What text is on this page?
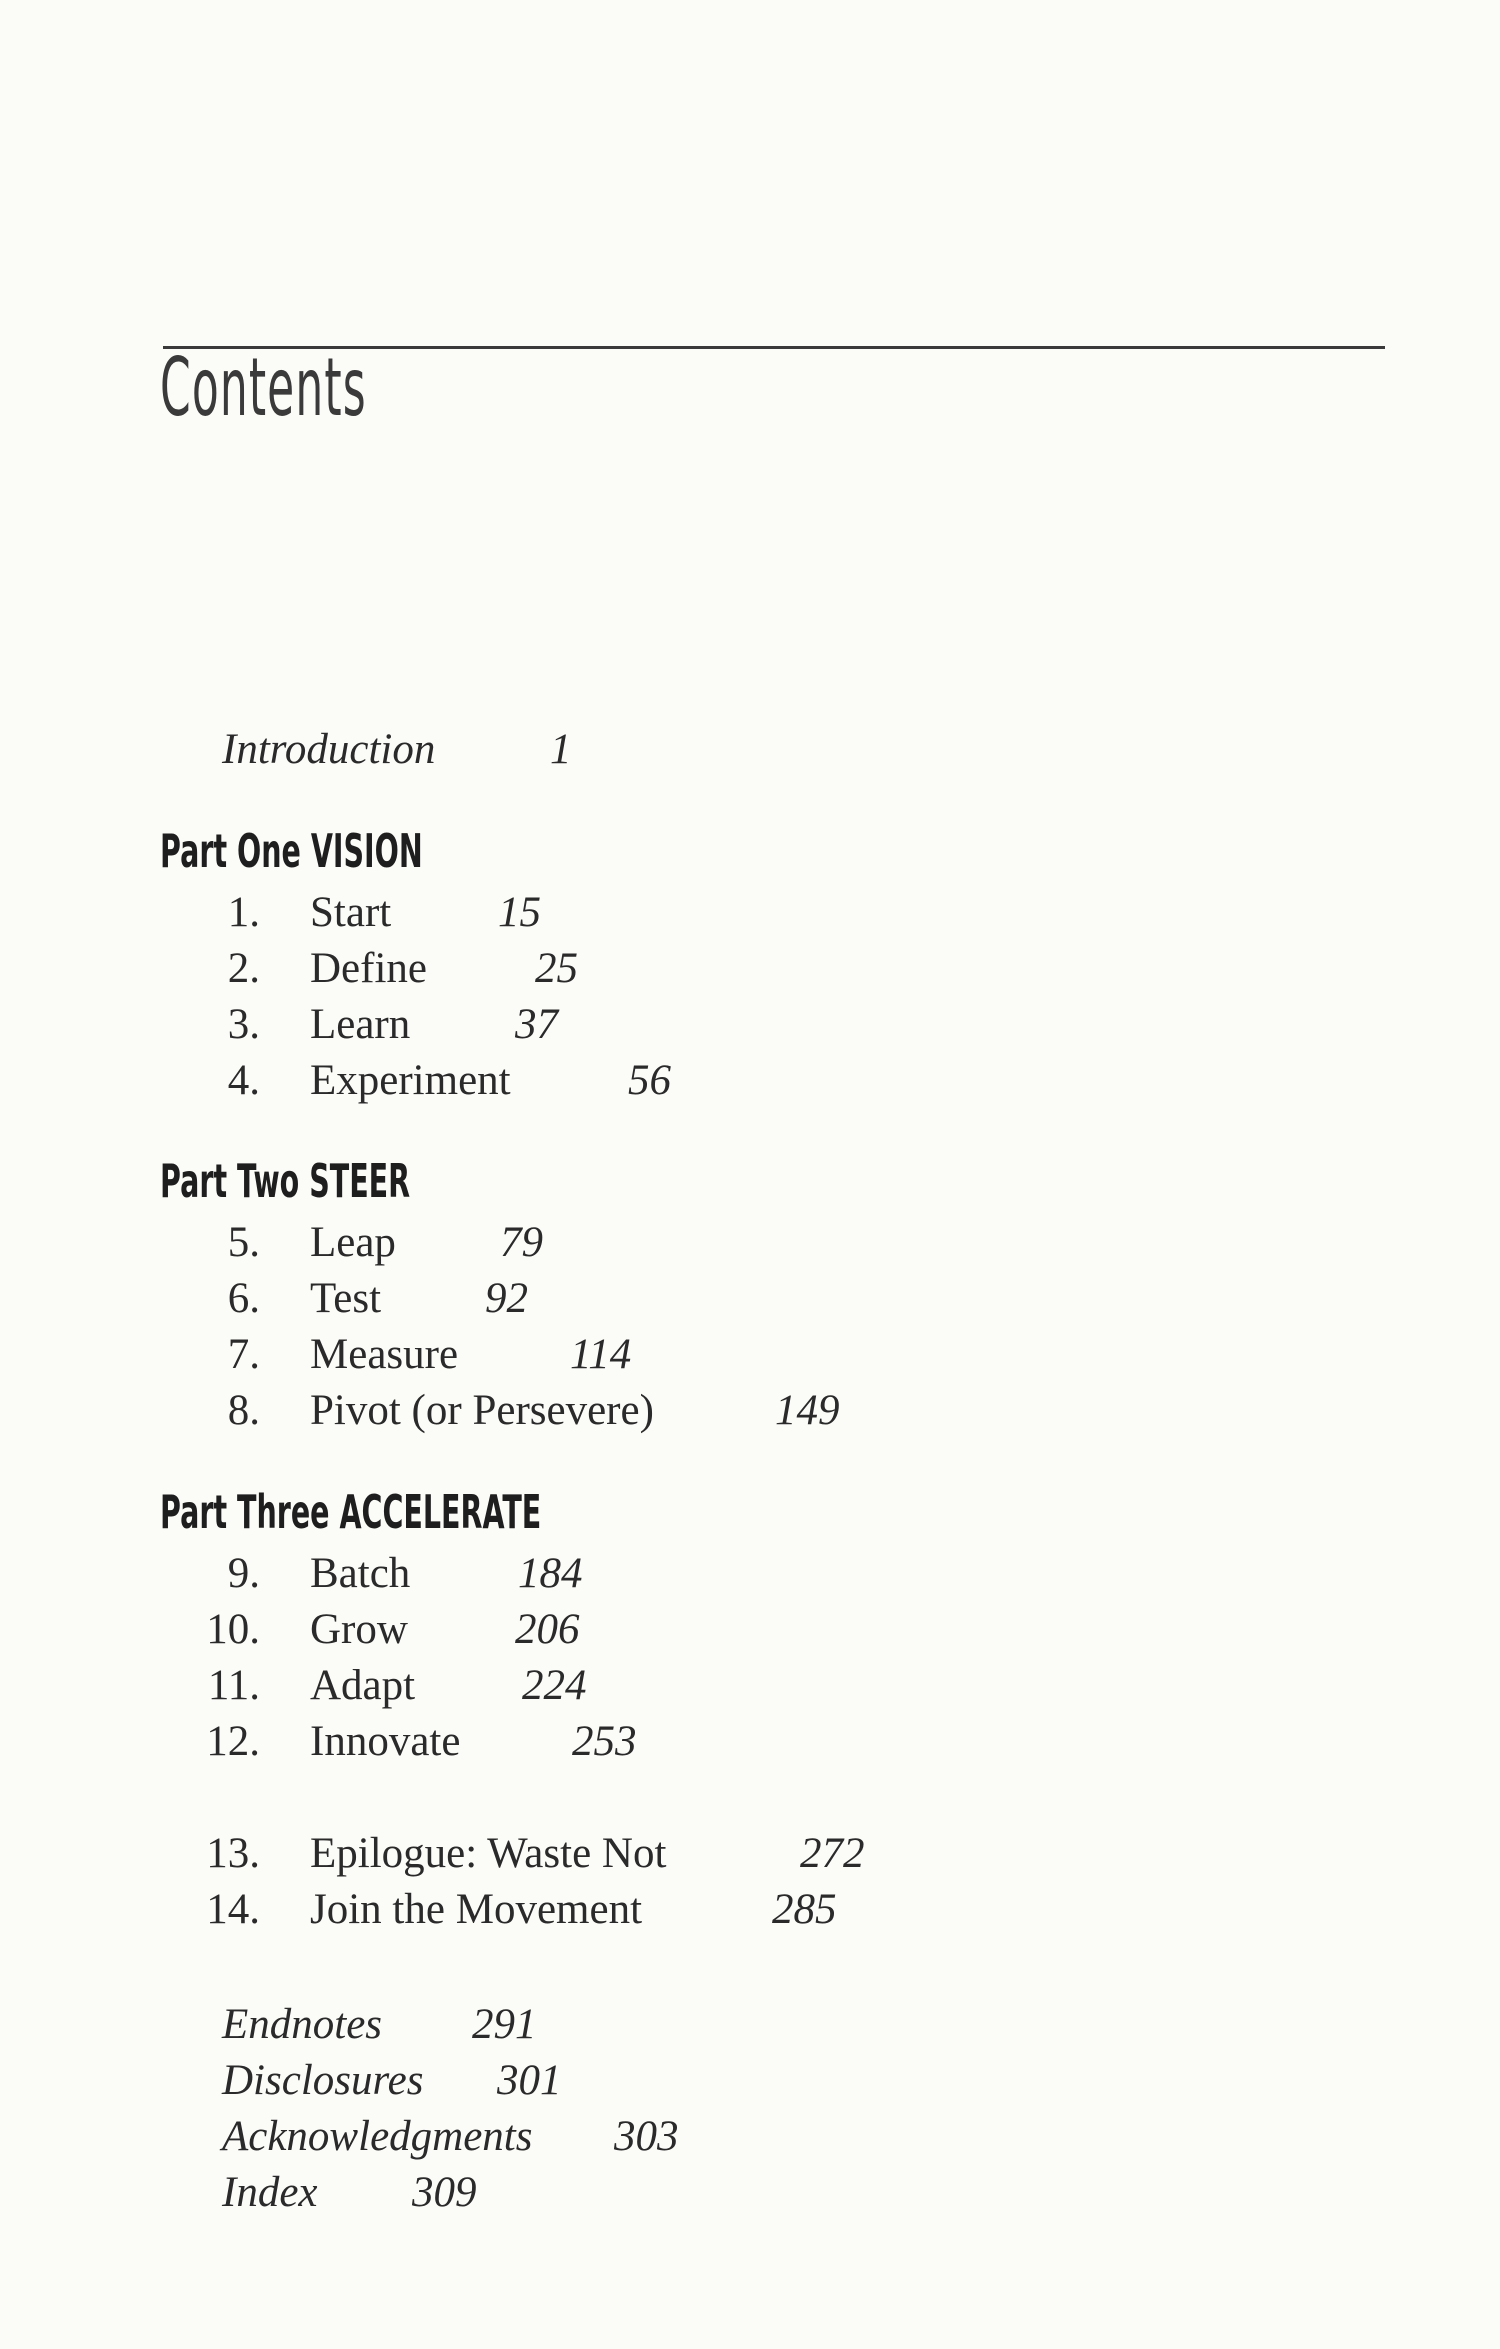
Contents
Introduction	1
Part One VISION
1. Start 15
2. Define	25
3. Learn 37
4. Experiment	56
Part Two STEER
5. Leap 79
6. Test 92
7. Measure	114
8. Pivot (or Persevere)	149
Part Three ACCELERATE
9. Batch	184
10. Grow 206
11. Adapt 224
12. Innovate	253
13. Epilogue: Waste Not	272
14. Join the Movement	285
Endnotes 291
Disclosures 301
Acknowledgments 303
Index 309
